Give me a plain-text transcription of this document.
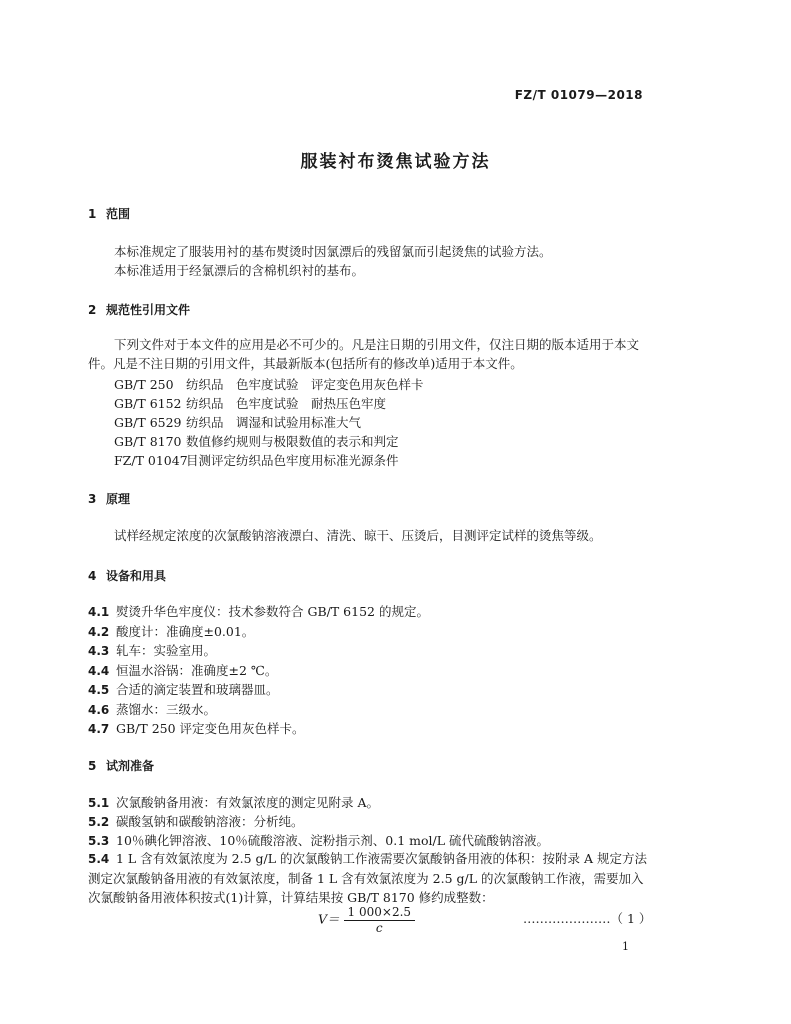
FZ/T 01079—2018
服装衬布烫焦试验方法
1 范围
本标准规定了服装用衬的基布熨烫时因氯漂后的残留氯而引起烫焦的试验方法。
本标准适用于经氯漂后的含棉机织衬的基布。
2 规范性引用文件
下列文件对于本文件的应用是必不可少的。凡是注日期的引用文件，仅注日期的版本适用于本文件。凡是不注日期的引用文件，其最新版本(包括所有的修改单)适用于本文件。
GB/T 250 纺织品　色牢度试验　评定变色用灰色样卡
GB/T 6152 纺织品　色牢度试验　耐热压色牢度
GB/T 6529 纺织品　调湿和试验用标准大气
GB/T 8170 数值修约规则与极限数值的表示和判定
FZ/T 01047目测评定纺织品色牢度用标准光源条件
3 原理
试样经规定浓度的次氯酸钠溶液漂白、清洗、晾干、压烫后，目测评定试样的烫焦等级。
4 设备和用具
4.1 熨烫升华色牢度仪：技术参数符合 GB/T 6152 的规定。
4.2 酸度计：准确度±0.01。
4.3 轧车：实验室用。
4.4 恒温水浴锅：准确度±2 ℃。
4.5 合适的滴定装置和玻璃器皿。
4.6 蒸馏水：三级水。
4.7 GB/T 250 评定变色用灰色样卡。
5 试剂准备
5.1 次氯酸钠备用液：有效氯浓度的测定见附录 A。
5.2 碳酸氢钠和碳酸钠溶液：分析纯。
5.3 10％碘化钾溶液、10％硫酸溶液、淀粉指示剂、0.1 mol/L 硫代硫酸钠溶液。
5.4 1 L 含有效氯浓度为 2.5 g/L 的次氯酸钠工作液需要次氯酸钠备用液的体积：按附录 A 规定方法测定次氯酸钠备用液的有效氯浓度，制备 1 L 含有效氯浓度为 2.5 g/L 的次氯酸钠工作液，需要加入次氯酸钠备用液体积按式(1)计算，计算结果按 GB/T 8170 修约成整数：
$V= \frac{1 000\times 2.5}{c}$	…………………（ 1 ）
1
